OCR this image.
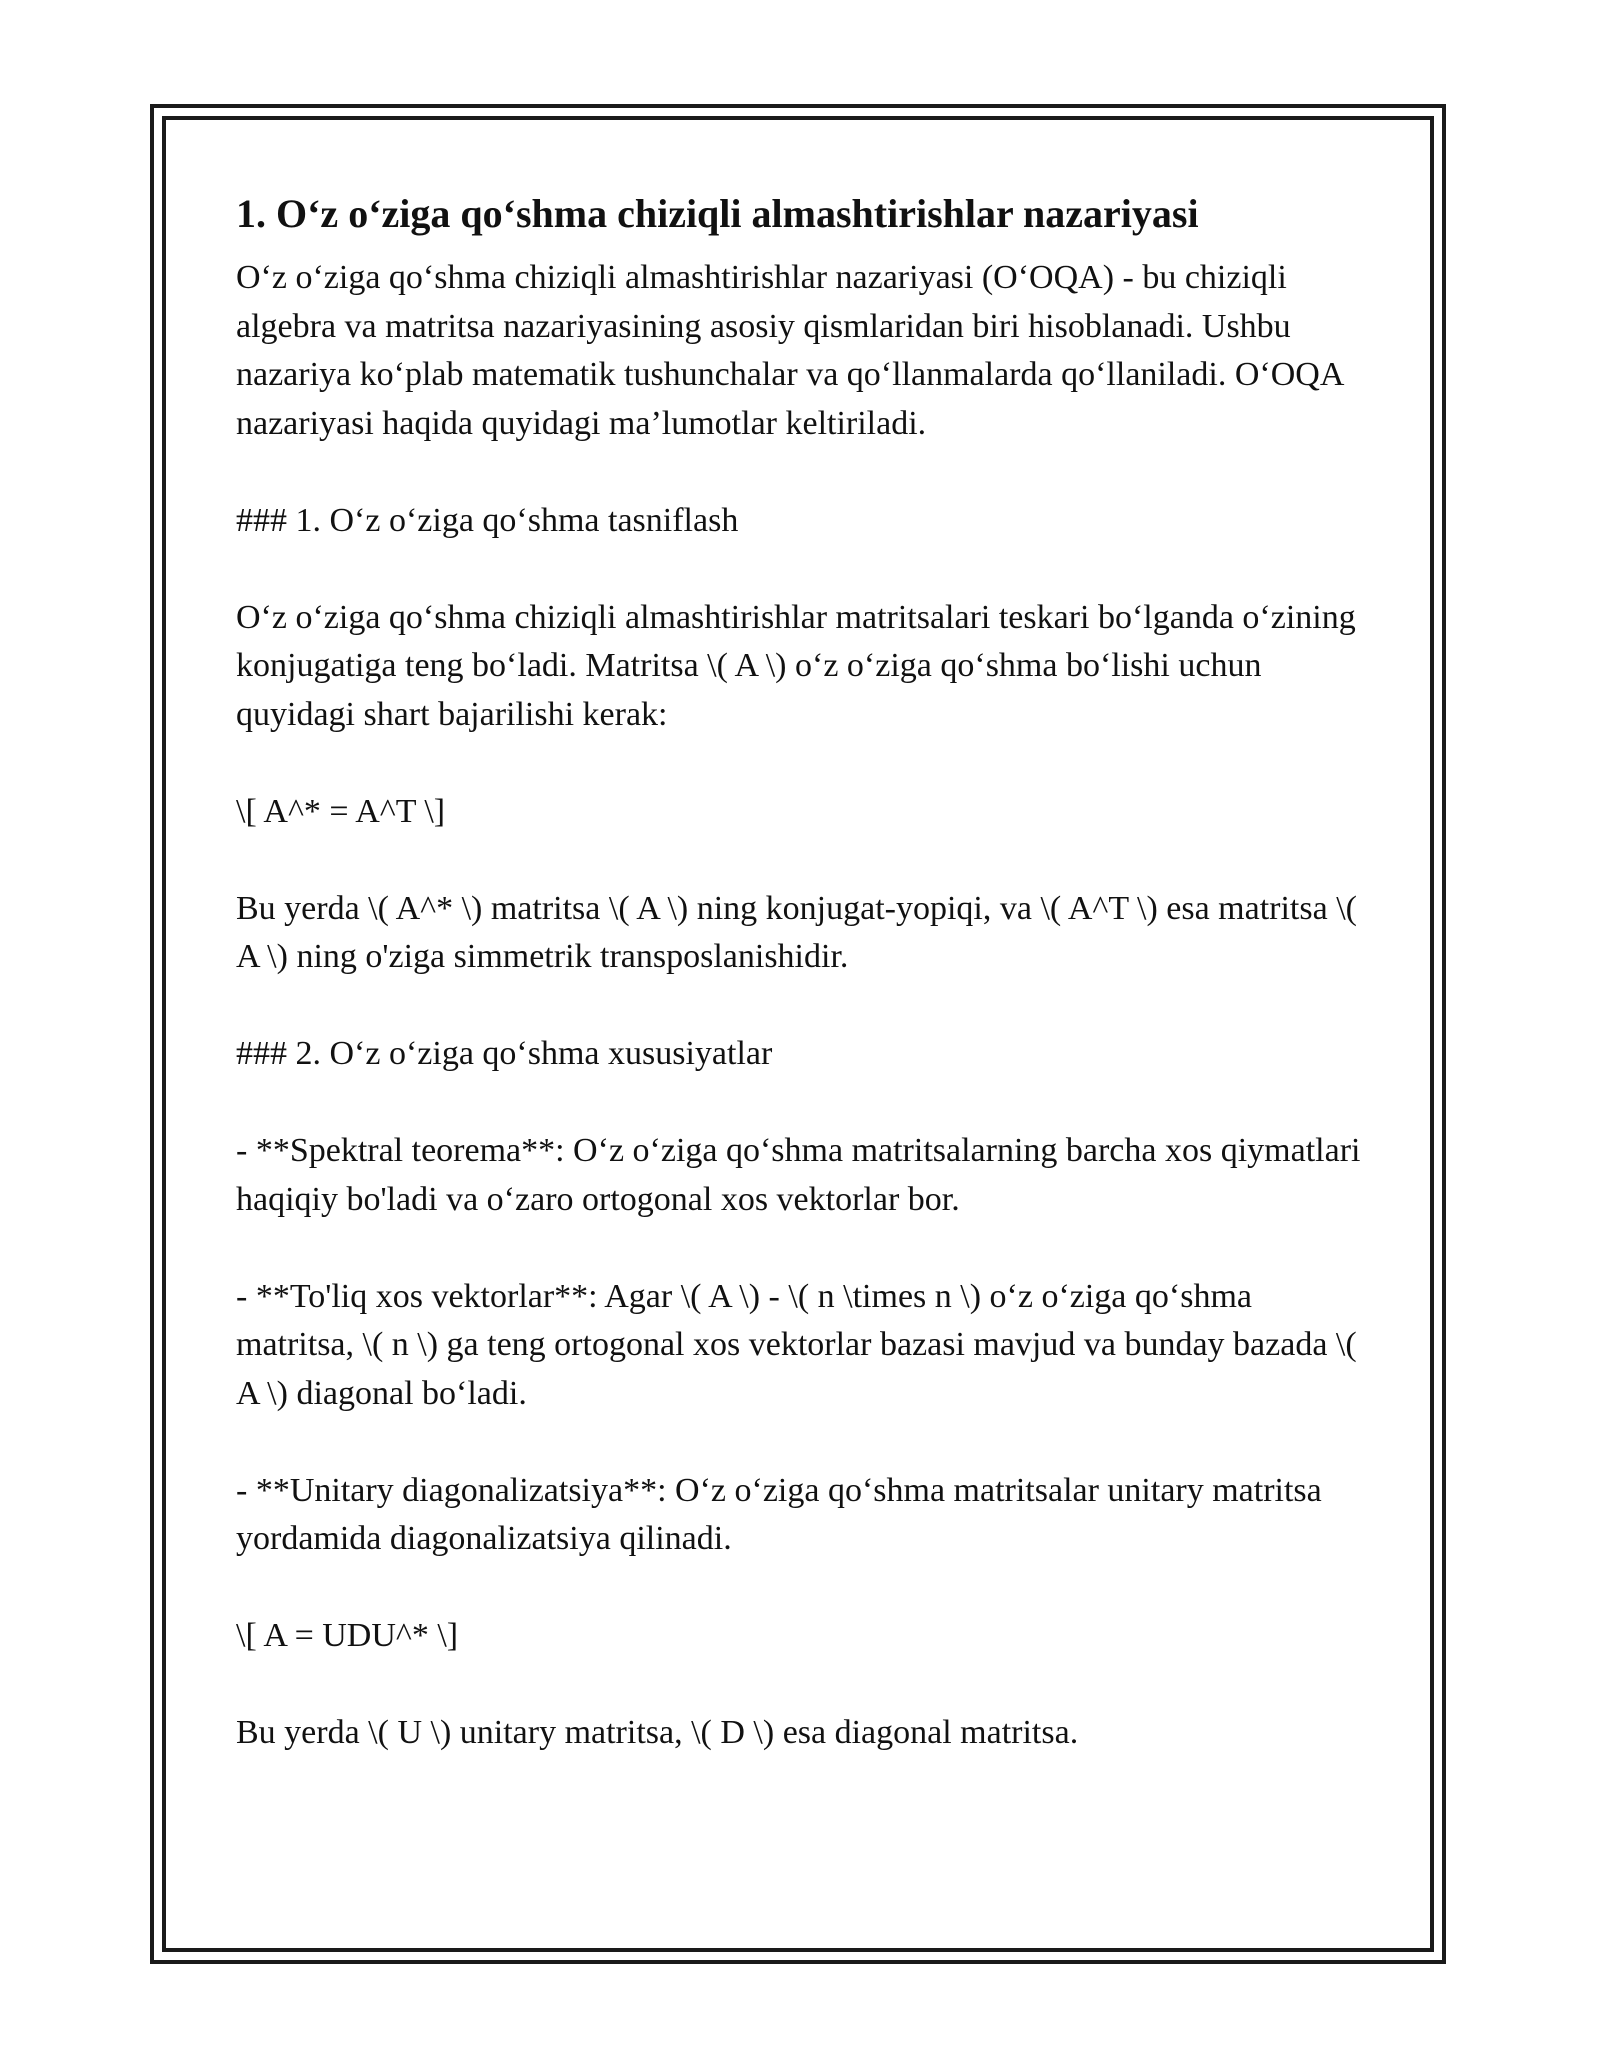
1. O‘z o‘ziga qo‘shma chiziqli almashtirishlar nazariyasi

O‘z o‘ziga qo‘shma chiziqli almashtirishlar nazariyasi (O‘OQA) - bu chiziqli algebra va matritsa nazariyasining asosiy qismlaridan biri hisoblanadi. Ushbu nazariya ko‘plab matematik tushunchalar va qo‘llanmalarda qo‘llaniladi. O‘OQA nazariyasi haqida quyidagi ma’lumotlar keltiriladi.

### 1. O‘z o‘ziga qo‘shma tasniflash

O‘z o‘ziga qo‘shma chiziqli almashtirishlar matritsalari teskari bo‘lganda o‘zining konjugatiga teng bo‘ladi. Matritsa \( A \) o‘z o‘ziga qo‘shma bo‘lishi uchun quyidagi shart bajarilishi kerak:

\[ A^* = A^T \]

Bu yerda \( A^* \) matritsa \( A \) ning konjugat-yopiqi, va \( A^T \) esa matritsa \( A \) ning o'ziga simmetrik transposlanishidir.

### 2. O‘z o‘ziga qo‘shma xususiyatlar

- **Spektral teorema**: O‘z o‘ziga qo‘shma matritsalarning barcha xos qiymatlari haqiqiy bo'ladi va o‘zaro ortogonal xos vektorlar bor.

- **To'liq xos vektorlar**: Agar \( A \) - \( n \times n \) o‘z o‘ziga qo‘shma matritsa, \( n \) ga teng ortogonal xos vektorlar bazasi mavjud va bunday bazada \( A \) diagonal bo‘ladi.

- **Unitary diagonalizatsiya**: O‘z o‘ziga qo‘shma matritsalar unitary matritsa yordamida diagonalizatsiya qilinadi.

\[ A = UDU^* \]

Bu yerda \( U \) unitary matritsa, \( D \) esa diagonal matritsa.
